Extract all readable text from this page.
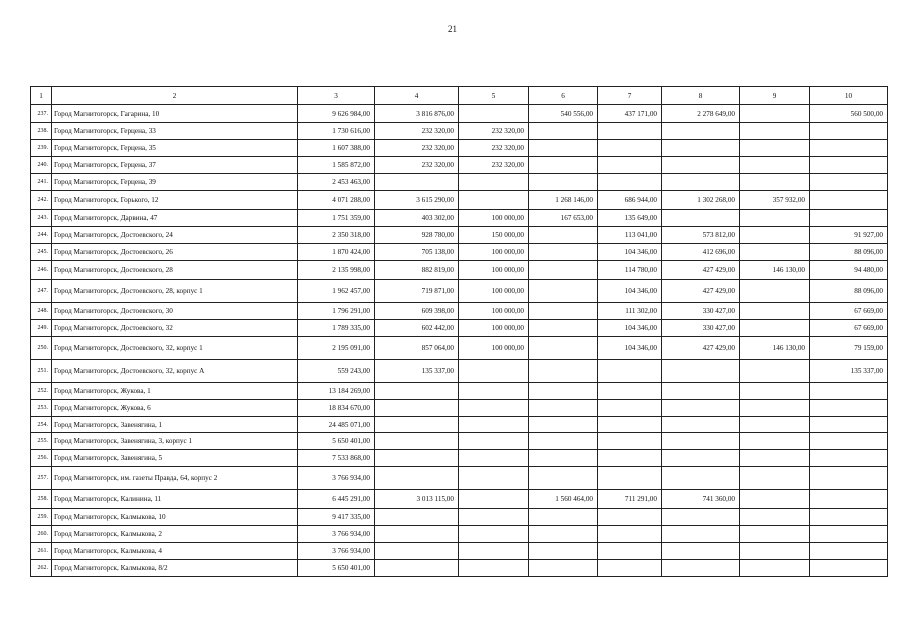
21
1	2	3	4	5	6	7	8	9	10
237.	Город Магнитогорск, Гагарина, 10	9 626 984,00	3 816 876,00		540 556,00	437 171,00	2 278 649,00		560 500,00
238.	Город Магнитогорск, Герцена, 33	1 730 616,00	232 320,00	232 320,00					
239.	Город Магнитогорск, Герцена, 35	1 607 388,00	232 320,00	232 320,00					
240.	Город Магнитогорск, Герцена, 37	1 585 872,00	232 320,00	232 320,00					
241.	Город Магнитогорск, Герцена, 39	2 453 463,00							
242.	Город Магнитогорск, Горького, 12	4 071 288,00	3 615 290,00		1 268 146,00	686 944,00	1 302 268,00	357 932,00	
243.	Город Магнитогорск, Дарвина, 47	1 751 359,00	403 302,00	100 000,00	167 653,00	135 649,00			
244.	Город Магнитогорск, Достоевского, 24	2 350 318,00	928 780,00	150 000,00		113 041,00	573 812,00		91 927,00
245.	Город Магнитогорск, Достоевского, 26	1 870 424,00	705 138,00	100 000,00		104 346,00	412 696,00		88 096,00
246.	Город Магнитогорск, Достоевского, 28	2 135 998,00	882 819,00	100 000,00		114 780,00	427 429,00	146 130,00	94 480,00
247.	Город Магнитогорск, Достоевского, 28, корпус 1	1 962 457,00	719 871,00	100 000,00		104 346,00	427 429,00		88 096,00
248.	Город Магнитогорск, Достоевского, 30	1 796 291,00	609 398,00	100 000,00		111 302,00	330 427,00		67 669,00
249.	Город Магнитогорск, Достоевского, 32	1 789 335,00	602 442,00	100 000,00		104 346,00	330 427,00		67 669,00
250.	Город Магнитогорск, Достоевского, 32, корпус 1	2 195 091,00	857 064,00	100 000,00		104 346,00	427 429,00	146 130,00	79 159,00
251.	Город Магнитогорск, Достоевского, 32, корпус А	559 243,00	135 337,00						135 337,00
252.	Город Магнитогорск, Жукова, 1	13 184 269,00							
253.	Город Магнитогорск, Жукова, 6	18 834 670,00							
254.	Город Магнитогорск, Завенягина, 1	24 485 071,00							
255.	Город Магнитогорск, Завенягина, 3, корпус 1	5 650 401,00							
256.	Город Магнитогорск, Завенягина, 5	7 533 868,00							
257.	Город Магнитогорск, им. газеты Правда, 64, корпус 2	3 766 934,00							
258.	Город Магнитогорск, Калинина, 11	6 445 291,00	3 013 115,00		1 560 464,00	711 291,00	741 360,00		
259.	Город Магнитогорск, Калмыкова, 10	9 417 335,00							
260.	Город Магнитогорск, Калмыкова, 2	3 766 934,00							
261.	Город Магнитогорск, Калмыкова, 4	3 766 934,00							
262.	Город Магнитогорск, Калмыкова, 8/2	5 650 401,00							
